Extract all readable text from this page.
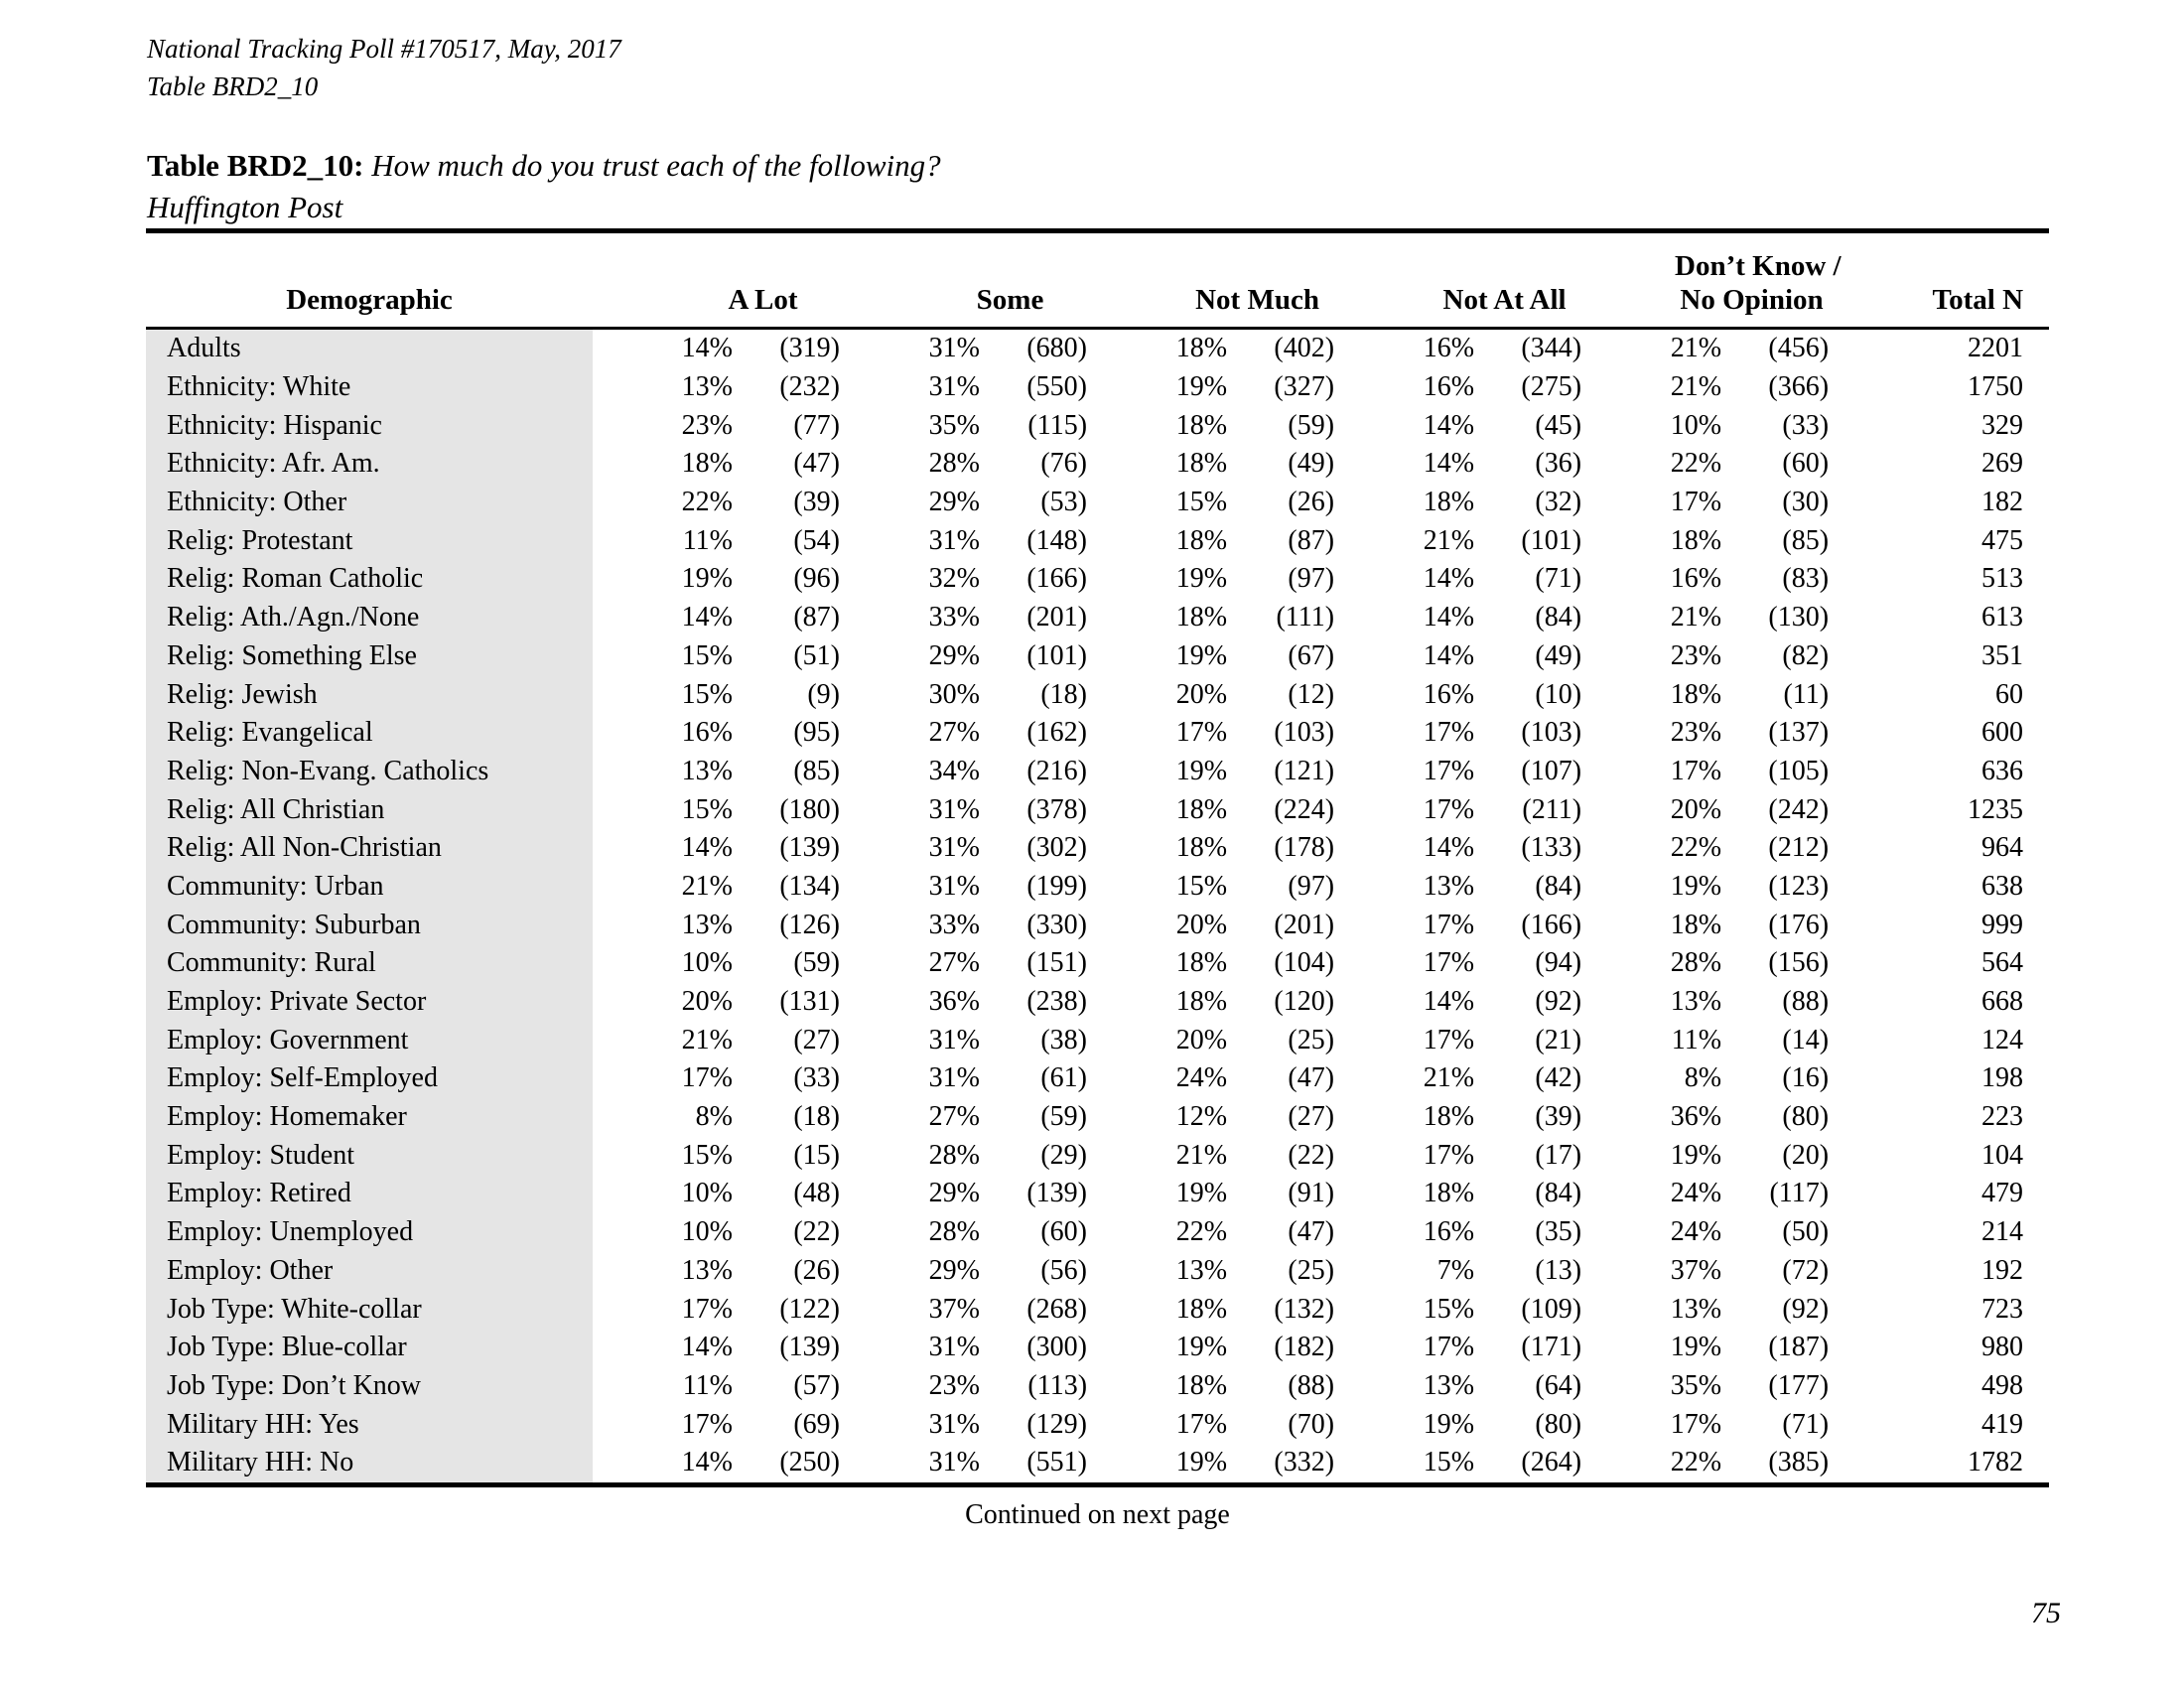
National Tracking Poll #170517, May, 2017
Table BRD2_10
Table BRD2_10: How much do you trust each of the following?
Huffington Post
Demographic	A Lot		Some		Not Much		Not At All		Don’t Know /
No Opinion		Total N
Adults	14%	(319)	31%	(680)	18%	(402)	16%	(344)	21%	(456)	2201
Ethnicity: White	13%	(232)	31%	(550)	19%	(327)	16%	(275)	21%	(366)	1750
Ethnicity: Hispanic	23%	(77)	35%	(115)	18%	(59)	14%	(45)	10%	(33)	329
Ethnicity: Afr. Am.	18%	(47)	28%	(76)	18%	(49)	14%	(36)	22%	(60)	269
Ethnicity: Other	22%	(39)	29%	(53)	15%	(26)	18%	(32)	17%	(30)	182
Relig: Protestant	11%	(54)	31%	(148)	18%	(87)	21%	(101)	18%	(85)	475
Relig: Roman Catholic	19%	(96)	32%	(166)	19%	(97)	14%	(71)	16%	(83)	513
Relig: Ath./Agn./None	14%	(87)	33%	(201)	18%	(111)	14%	(84)	21%	(130)	613
Relig: Something Else	15%	(51)	29%	(101)	19%	(67)	14%	(49)	23%	(82)	351
Relig: Jewish	15%	(9)	30%	(18)	20%	(12)	16%	(10)	18%	(11)	60
Relig: Evangelical	16%	(95)	27%	(162)	17%	(103)	17%	(103)	23%	(137)	600
Relig: Non-Evang. Catholics	13%	(85)	34%	(216)	19%	(121)	17%	(107)	17%	(105)	636
Relig: All Christian	15%	(180)	31%	(378)	18%	(224)	17%	(211)	20%	(242)	1235
Relig: All Non-Christian	14%	(139)	31%	(302)	18%	(178)	14%	(133)	22%	(212)	964
Community: Urban	21%	(134)	31%	(199)	15%	(97)	13%	(84)	19%	(123)	638
Community: Suburban	13%	(126)	33%	(330)	20%	(201)	17%	(166)	18%	(176)	999
Community: Rural	10%	(59)	27%	(151)	18%	(104)	17%	(94)	28%	(156)	564
Employ: Private Sector	20%	(131)	36%	(238)	18%	(120)	14%	(92)	13%	(88)	668
Employ: Government	21%	(27)	31%	(38)	20%	(25)	17%	(21)	11%	(14)	124
Employ: Self-Employed	17%	(33)	31%	(61)	24%	(47)	21%	(42)	8%	(16)	198
Employ: Homemaker	8%	(18)	27%	(59)	12%	(27)	18%	(39)	36%	(80)	223
Employ: Student	15%	(15)	28%	(29)	21%	(22)	17%	(17)	19%	(20)	104
Employ: Retired	10%	(48)	29%	(139)	19%	(91)	18%	(84)	24%	(117)	479
Employ: Unemployed	10%	(22)	28%	(60)	22%	(47)	16%	(35)	24%	(50)	214
Employ: Other	13%	(26)	29%	(56)	13%	(25)	7%	(13)	37%	(72)	192
Job Type: White-collar	17%	(122)	37%	(268)	18%	(132)	15%	(109)	13%	(92)	723
Job Type: Blue-collar	14%	(139)	31%	(300)	19%	(182)	17%	(171)	19%	(187)	980
Job Type: Don’t Know	11%	(57)	23%	(113)	18%	(88)	13%	(64)	35%	(177)	498
Military HH: Yes	17%	(69)	31%	(129)	17%	(70)	19%	(80)	17%	(71)	419
Military HH: No	14%	(250)	31%	(551)	19%	(332)	15%	(264)	22%	(385)	1782
Continued on next page
75
